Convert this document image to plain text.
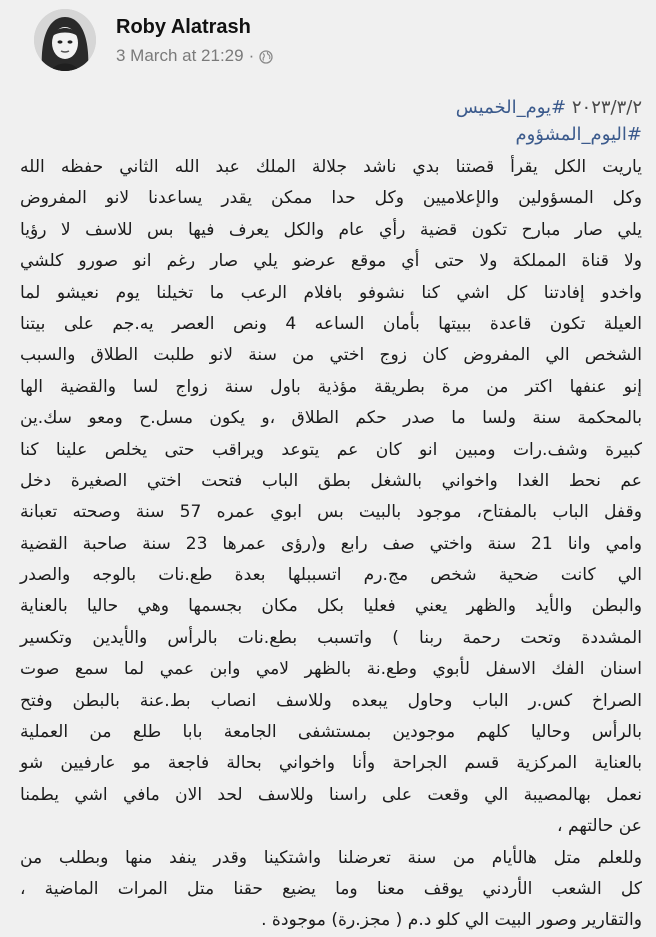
Roby Alatrash
3 March at 21:29 ·
٢٠٢٣/٣/٢ #يوم_الخميس
#اليوم_المشؤوم
ياريت الكل يقرأ قصتنا بدي ناشد جلالة الملك عبد الله الثاني حفظه الله
وكل المسؤولين والإعلاميين وكل حدا ممكن يقدر يساعدنا لانو المفروض
يلي صار مبارح تكون قضية رأي عام والكل يعرف فيها بس للاسف لا رؤيا
ولا قناة المملكة ولا حتى أي موقع عرضو يلي صار رغم انو صورو كلشي
واخدو إفادتنا كل اشي كنا نشوفو بافلام الرعب ما تخيلنا يوم نعيشو لما
العيلة تكون قاعدة ببيتها بأمان الساعه 4 ونص العصر يه.جم على بيتنا
الشخص الي المفروض كان زوج اختي من سنة لانو طلبت الطلاق والسبب
إنو عنفها اكتر من مرة بطريقة مؤذية باول سنة زواج لسا والقضية الها
بالمحكمة سنة ولسا ما صدر حكم الطلاق ،و يكون مسل.ح ومعو سك.ين
كبيرة وشف.رات ومبين انو كان عم يتوعد ويراقب حتى يخلص علينا كنا
عم نحط الغدا واخواني بالشغل بطق الباب فتحت اختي الصغيرة دخل
وقفل الباب بالمفتاح، موجود بالبيت بس ابوي عمره 57 سنة وصحته تعبانة
وامي وانا 21 سنة واختي صف رابع و(رؤى عمرها 23 سنة صاحبة القضية
الي كانت ضحية شخص مج.رم اتسببلها بعدة طع.نات بالوجه والصدر
والبطن والأيد والظهر يعني فعليا بكل مكان بجسمها وهي حاليا بالعناية
المشددة وتحت رحمة ربنا ) واتسبب بطع.نات بالرأس والأيدين وتكسير
اسنان الفك الاسفل لأبوي وطع.نة بالظهر لامي وابن عمي لما سمع صوت
الصراخ كس.ر الباب وحاول يبعده وللاسف انصاب بط.عنة بالبطن وفتح
بالرأس وحاليا كلهم موجودين بمستشفى الجامعة بابا طلع من العملية
بالعناية المركزية قسم الجراحة وأنا واخواني بحالة فاجعة مو عارفيين شو
نعمل بهالمصيبة الي وقعت على راسنا وللاسف لحد الان مافي اشي يطمنا
عن حالتهم ،
وللعلم متل هالأيام من سنة تعرضلنا واشتكينا وقدر ينفد منها وبطلب من
كل الشعب الأردني يوقف معنا وما يضيع حقنا متل المرات الماضية ،
والتقارير وصور البيت الي كلو د.م ( مجز.رة) موجودة .
